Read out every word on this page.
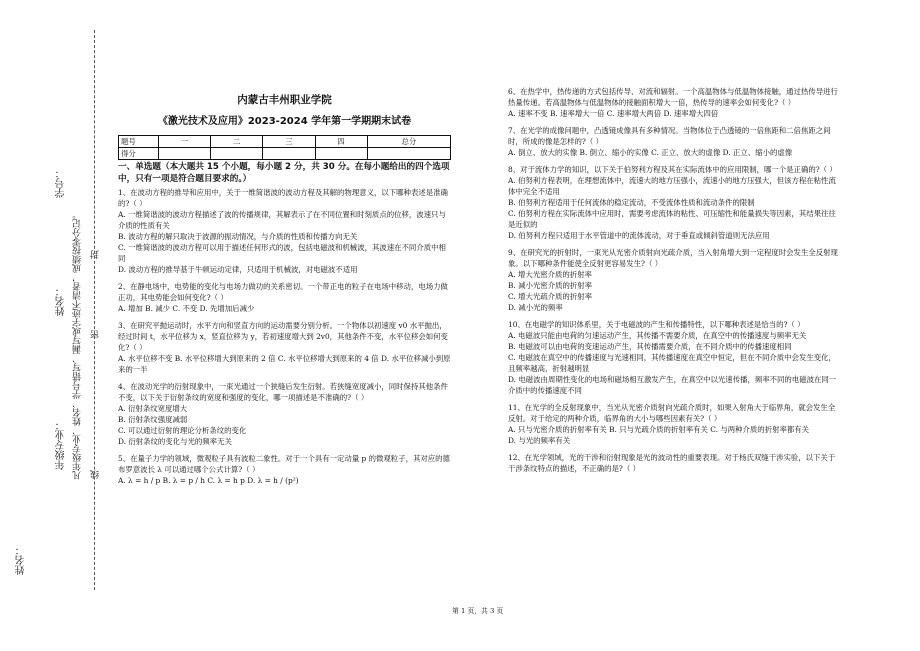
学号：
凡年级专业、姓名、学号错写、漏写或字迹不清者，成绩按零分记。
姓名：
年级专业：
姓名：
封
线
密
内蒙古丰州职业学院
《激光技术及应用》2023-2024 学年第一学期期末试卷
题号	一	二	三	四	总分
得分					
一、单选题（本大题共 15 个小题，每小题 2 分，共 30 分。在每小题给出的四个选项中，只有一项是符合题目要求的。）

1、在波动方程的推导和应用中，关于一维简谐波的波动方程及其解的物理意义，以下哪种表述是准确的?（ ）

A. 一维简谐波的波动方程描述了波的传播规律，其解表示了在不同位置和时刻质点的位移，波速只与介质的性质有关

B. 波动方程的解只取决于波源的振动情况，与介质的性质和传播方向无关

C. 一维简谐波的波动方程可以用于描述任何形式的波，包括电磁波和机械波，其波速在不同介质中相同

D. 波动方程的推导基于牛顿运动定律，只适用于机械波，对电磁波不适用

2、在静电场中，电势能的变化与电场力做功的关系密切。一个带正电的粒子在电场中移动，电场力做正功，其电势能会如何变化?（ ）

A. 增加 B. 减少 C. 不变 D. 先增加后减少

3、在研究平抛运动时，水平方向和竖直方向的运动需要分别分析。一个物体以初速度 v0 水平抛出，经过时间 t，水平位移为 x，竖直位移为 y，若初速度增大到 2v0，其他条件不变，水平位移会如何变化?（ ）

A. 水平位移不变 B. 水平位移增大到原来的 2 倍 C. 水平位移增大到原来的 4 倍 D. 水平位移减小到原来的一半

4、在波动光学的衍射现象中，一束光通过一个狭缝后发生衍射。若狭缝宽度减小，同时保持其他条件不变，以下关于衍射条纹的宽度和强度的变化，哪一项描述是不准确的?（ ）

A. 衍射条纹宽度增大

B. 衍射条纹强度减弱

C. 可以通过衍射的理论分析条纹的变化

D. 衍射条纹的变化与光的频率无关

5、在量子力学的领域，微观粒子具有波粒二象性。对于一个具有一定动量 p 的微观粒子，其对应的德布罗意波长 λ 可以通过哪个公式计算?（ ）

A. λ = h / p B. λ = p / h C. λ = h p D. λ = h / (p²)

6、在热学中，热传递的方式包括传导、对流和辐射。一个高温物体与低温物体接触，通过热传导进行热量传递。若高温物体与低温物体的接触面积增大一倍，热传导的速率会如何变化?（ ）

A. 速率不变 B. 速率增大一倍 C. 速率增大两倍 D. 速率增大四倍

7、在光学的成像问题中，凸透镜成像具有多种情况。当物体位于凸透镜的一倍焦距和二倍焦距之间时，所成的像是怎样的?（ ）

A. 倒立、放大的实像 B. 倒立、缩小的实像 C. 正立、放大的虚像 D. 正立、缩小的虚像

8、对于流体力学的知识，以下关于伯努利方程及其在实际流体中的应用限制，哪一个是正确的?（ ）

A. 伯努利方程表明，在理想流体中，流速大的地方压强小，流速小的地方压强大，但该方程在粘性流体中完全不适用

B. 伯努利方程适用于任何流体的稳定流动，不受流体性质和流动条件的限制

C. 伯努利方程在实际流体中应用时，需要考虑流体的粘性、可压缩性和能量损失等因素，其结果往往是近似的

D. 伯努利方程只适用于水平管道中的流体流动，对于垂直或倾斜管道则无法应用

9、在研究光的折射时，一束光从光密介质射向光疏介质，当入射角增大到一定程度时会发生全反射现象。以下哪种条件能使全反射更容易发生?（ ）

A. 增大光密介质的折射率

B. 减小光密介质的折射率

C. 增大光疏介质的折射率

D. 减小光的频率

10、在电磁学的知识体系里，关于电磁波的产生和传播特性，以下哪种表述是恰当的?（ ）

A. 电磁波只能由电荷的匀速运动产生，其传播不需要介质，在真空中的传播速度与频率无关

B. 电磁波可以由电荷的变速运动产生，其传播需要介质，在不同介质中的传播速度相同

C. 电磁波在真空中的传播速度与光速相同，其传播速度在真空中恒定，但在不同介质中会发生变化，且频率越高，折射越明显

D. 电磁波由周期性变化的电场和磁场相互激发产生，在真空中以光速传播，频率不同的电磁波在同一介质中的传播速度不同

11、在光学的全反射现象中，当光从光密介质射向光疏介质时，如果入射角大于临界角，就会发生全反射。对于给定的两种介质，临界角的大小与哪些因素有关?（ ）

A. 只与光密介质的折射率有关 B. 只与光疏介质的折射率有关 C. 与两种介质的折射率都有关

D. 与光的频率有关

12、在光学领域，光的干涉和衍射现象是光的波动性的重要表现。对于杨氏双缝干涉实验，以下关于干涉条纹特点的描述，不正确的是?（ ）

第 1 页，共 3 页
